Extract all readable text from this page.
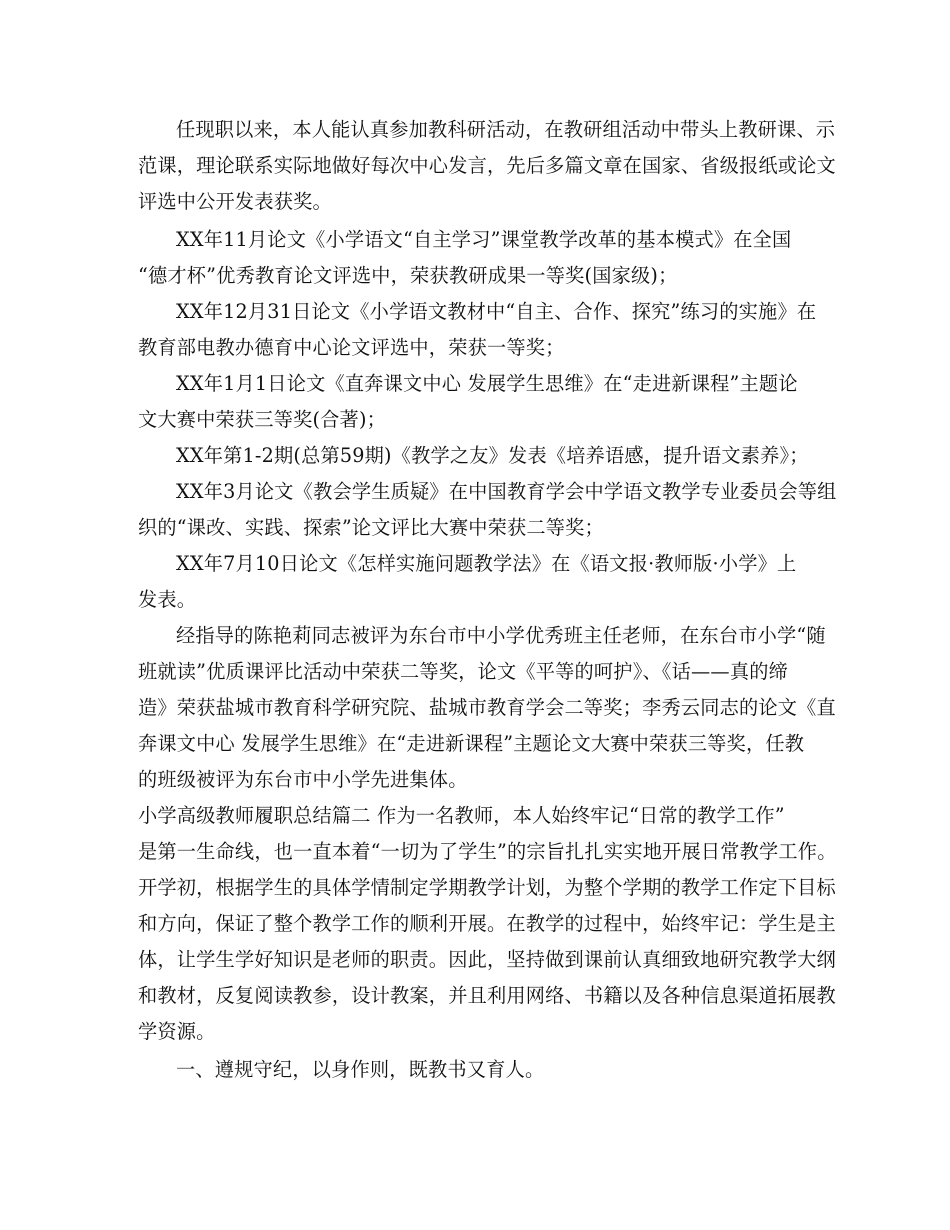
任现职以来，本人能认真参加教科研活动，在教研组活动中带头上教研课、示
范课，理论联系实际地做好每次中心发言，先后多篇文章在国家、省级报纸或论文
评选中公开发表获奖。
XX年11月论文《小学语文“自主学习”课堂教学改革的基本模式》在全国
“德才杯”优秀教育论文评选中，荣获教研成果一等奖(国家级)；
XX年12月31日论文《小学语文教材中“自主、合作、探究”练习的实施》在
教育部电教办德育中心论文评选中，荣获一等奖；
XX年1月1日论文《直奔课文中心 发展学生思维》在“走进新课程”主题论
文大赛中荣获三等奖(合著)；
XX年第1-2期(总第59期)《教学之友》发表《培养语感，提升语文素养》；
XX年3月论文《教会学生质疑》在中国教育学会中学语文教学专业委员会等组
织的“课改、实践、探索”论文评比大赛中荣获二等奖；
XX年7月10日论文《怎样实施问题教学法》在《语文报·教师版·小学》上
发表。
经指导的陈艳莉同志被评为东台市中小学优秀班主任老师，在东台市小学“随
班就读”优质课评比活动中荣获二等奖，论文《平等的呵护》、《话——真的缔
造》荣获盐城市教育科学研究院、盐城市教育学会二等奖；李秀云同志的论文《直
奔课文中心 发展学生思维》在“走进新课程”主题论文大赛中荣获三等奖，任教
的班级被评为东台市中小学先进集体。
小学高级教师履职总结篇二 作为一名教师，本人始终牢记“日常的教学工作”
是第一生命线，也一直本着“一切为了学生”的宗旨扎扎实实地开展日常教学工作。
开学初，根据学生的具体学情制定学期教学计划，为整个学期的教学工作定下目标
和方向，保证了整个教学工作的顺利开展。在教学的过程中，始终牢记：学生是主
体，让学生学好知识是老师的职责。因此，坚持做到课前认真细致地研究教学大纲
和教材，反复阅读教参，设计教案，并且利用网络、书籍以及各种信息渠道拓展教
学资源。
一、遵规守纪，以身作则，既教书又育人。
